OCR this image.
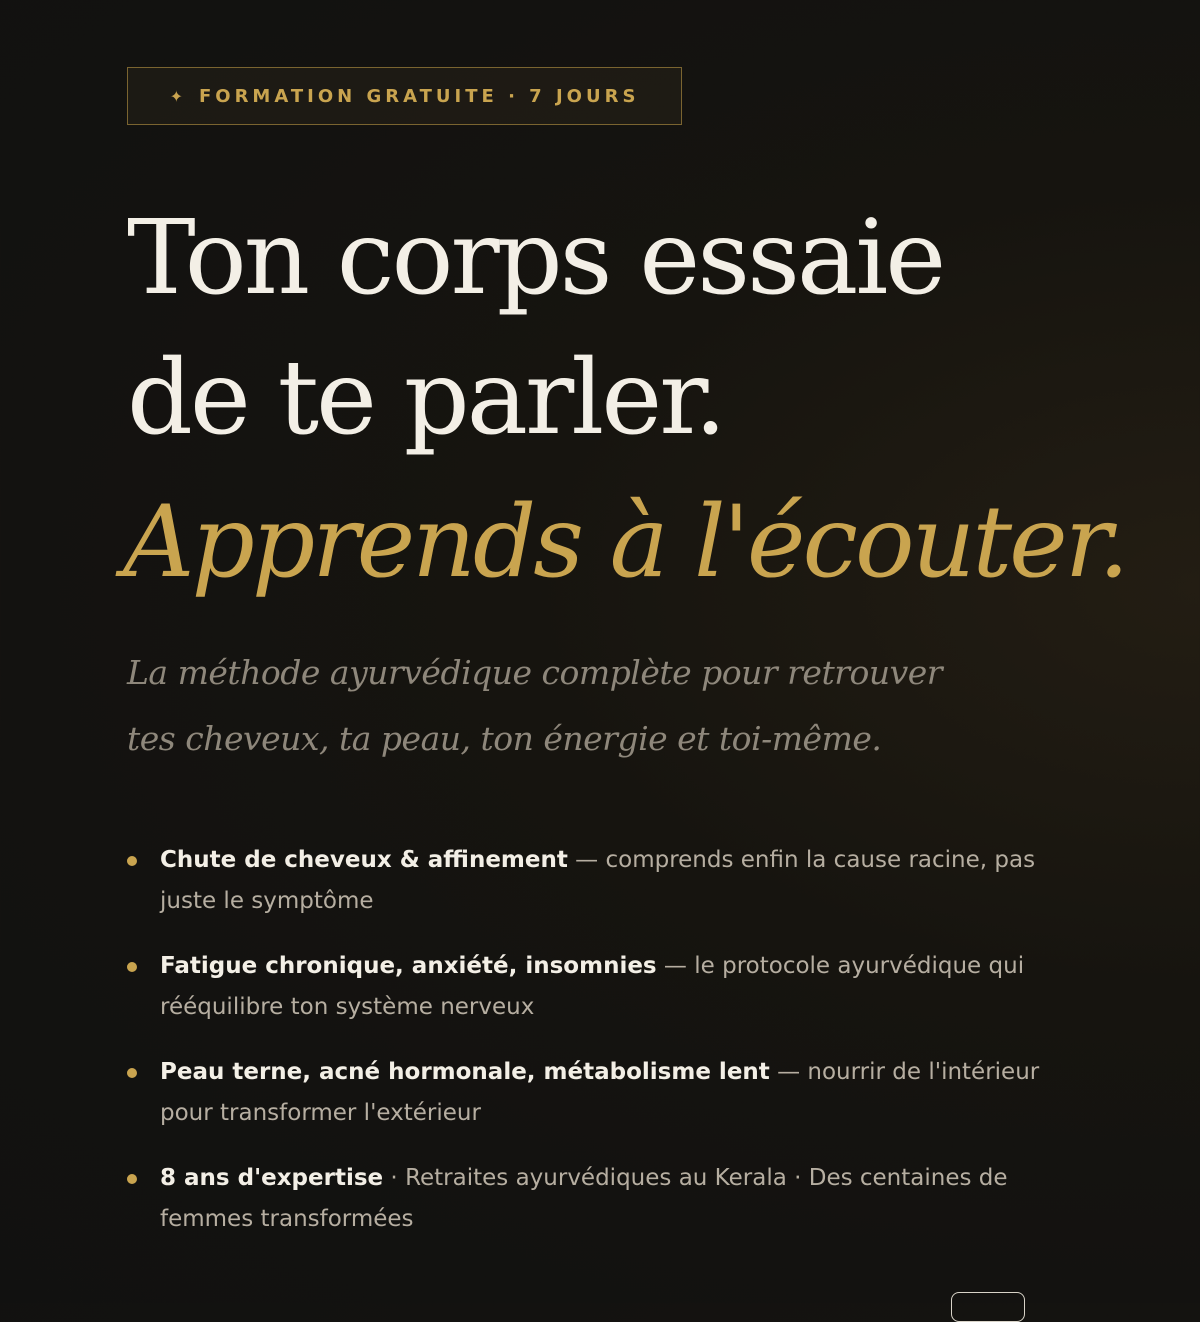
✦ FORMATION GRATUITE · 7 JOURS
Ton corps essaie
de te parler.
Apprends à l'écouter.

La méthode ayurvédique complète pour retrouver
tes cheveux, ta peau, ton énergie et toi-même.

Chute de cheveux & affinement — comprends enfin la cause racine, pas juste le symptôme
Fatigue chronique, anxiété, insomnies — le protocole ayurvédique qui rééquilibre ton système nerveux
Peau terne, acné hormonale, métabolisme lent — nourrir de l'intérieur pour transformer l'extérieur
8 ans d'expertise · Retraites ayurvédiques au Kerala · Des centaines de femmes transformées
